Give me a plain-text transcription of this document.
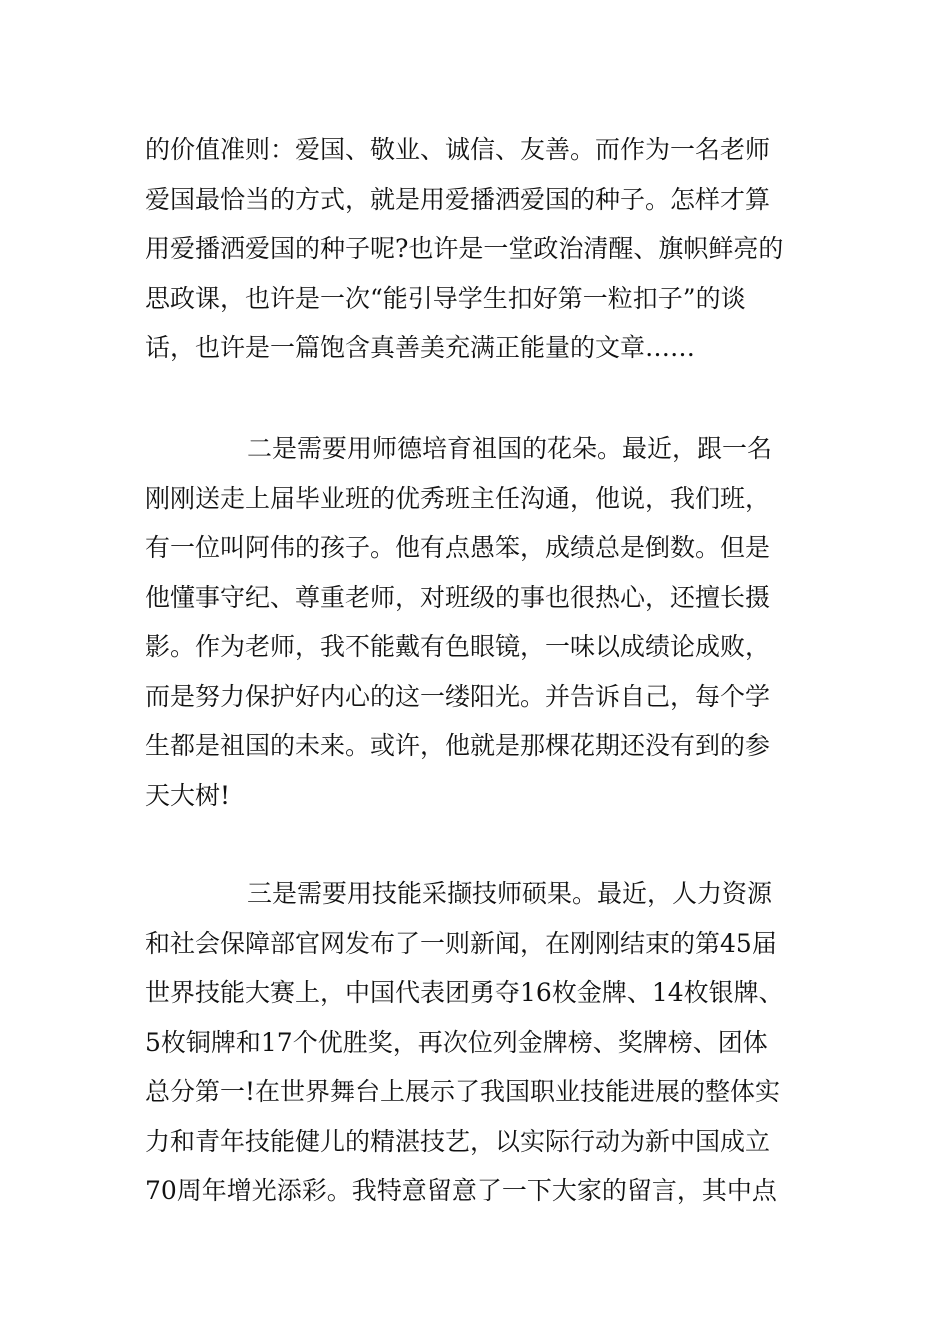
的价值准则：爱国、敬业、诚信、友善。而作为一名老师
爱国最恰当的方式，就是用爱播洒爱国的种子。怎样才算
用爱播洒爱国的种子呢?也许是一堂政治清醒、旗帜鲜亮的
思政课，也许是一次“能引导学生扣好第一粒扣子”的谈
话，也许是一篇饱含真善美充满正能量的文章……

二是需要用师德培育祖国的花朵。最近，跟一名
刚刚送走上届毕业班的优秀班主任沟通，他说，我们班，
有一位叫阿伟的孩子。他有点愚笨，成绩总是倒数。但是
他懂事守纪、尊重老师，对班级的事也很热心，还擅长摄
影。作为老师，我不能戴有色眼镜，一味以成绩论成败，
而是努力保护好内心的这一缕阳光。并告诉自己，每个学
生都是祖国的未来。或许，他就是那棵花期还没有到的参
天大树!

三是需要用技能采撷技师硕果。最近，人力资源
和社会保障部官网发布了一则新闻，在刚刚结束的第45届
世界技能大赛上，中国代表团勇夺16枚金牌、14枚银牌、
5枚铜牌和17个优胜奖，再次位列金牌榜、奖牌榜、团体
总分第一!在世界舞台上展示了我国职业技能进展的整体实
力和青年技能健儿的精湛技艺，以实际行动为新中国成立
70周年增光添彩。我特意留意了一下大家的留言，其中点
